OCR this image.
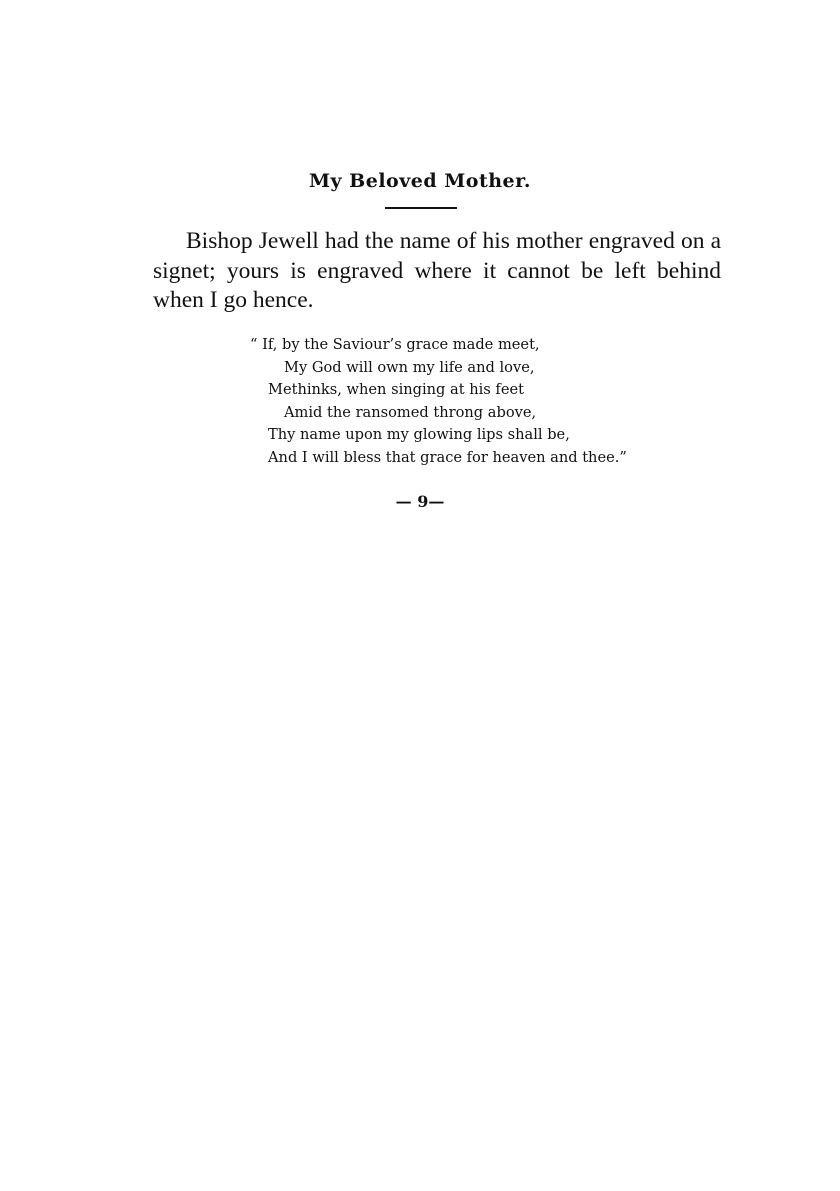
My Beloved Mother.
Bishop Jewell had the name of his mother engraved on a signet; yours is engraved where it cannot be left behind when I go hence.
“ If, by the Saviour’s grace made meet,
My God will own my life and love,
Methinks, when singing at his feet
Amid the ransomed throng above,
Thy name upon my glowing lips shall be,
And I will bless that grace for heaven and thee.”
— 9—
